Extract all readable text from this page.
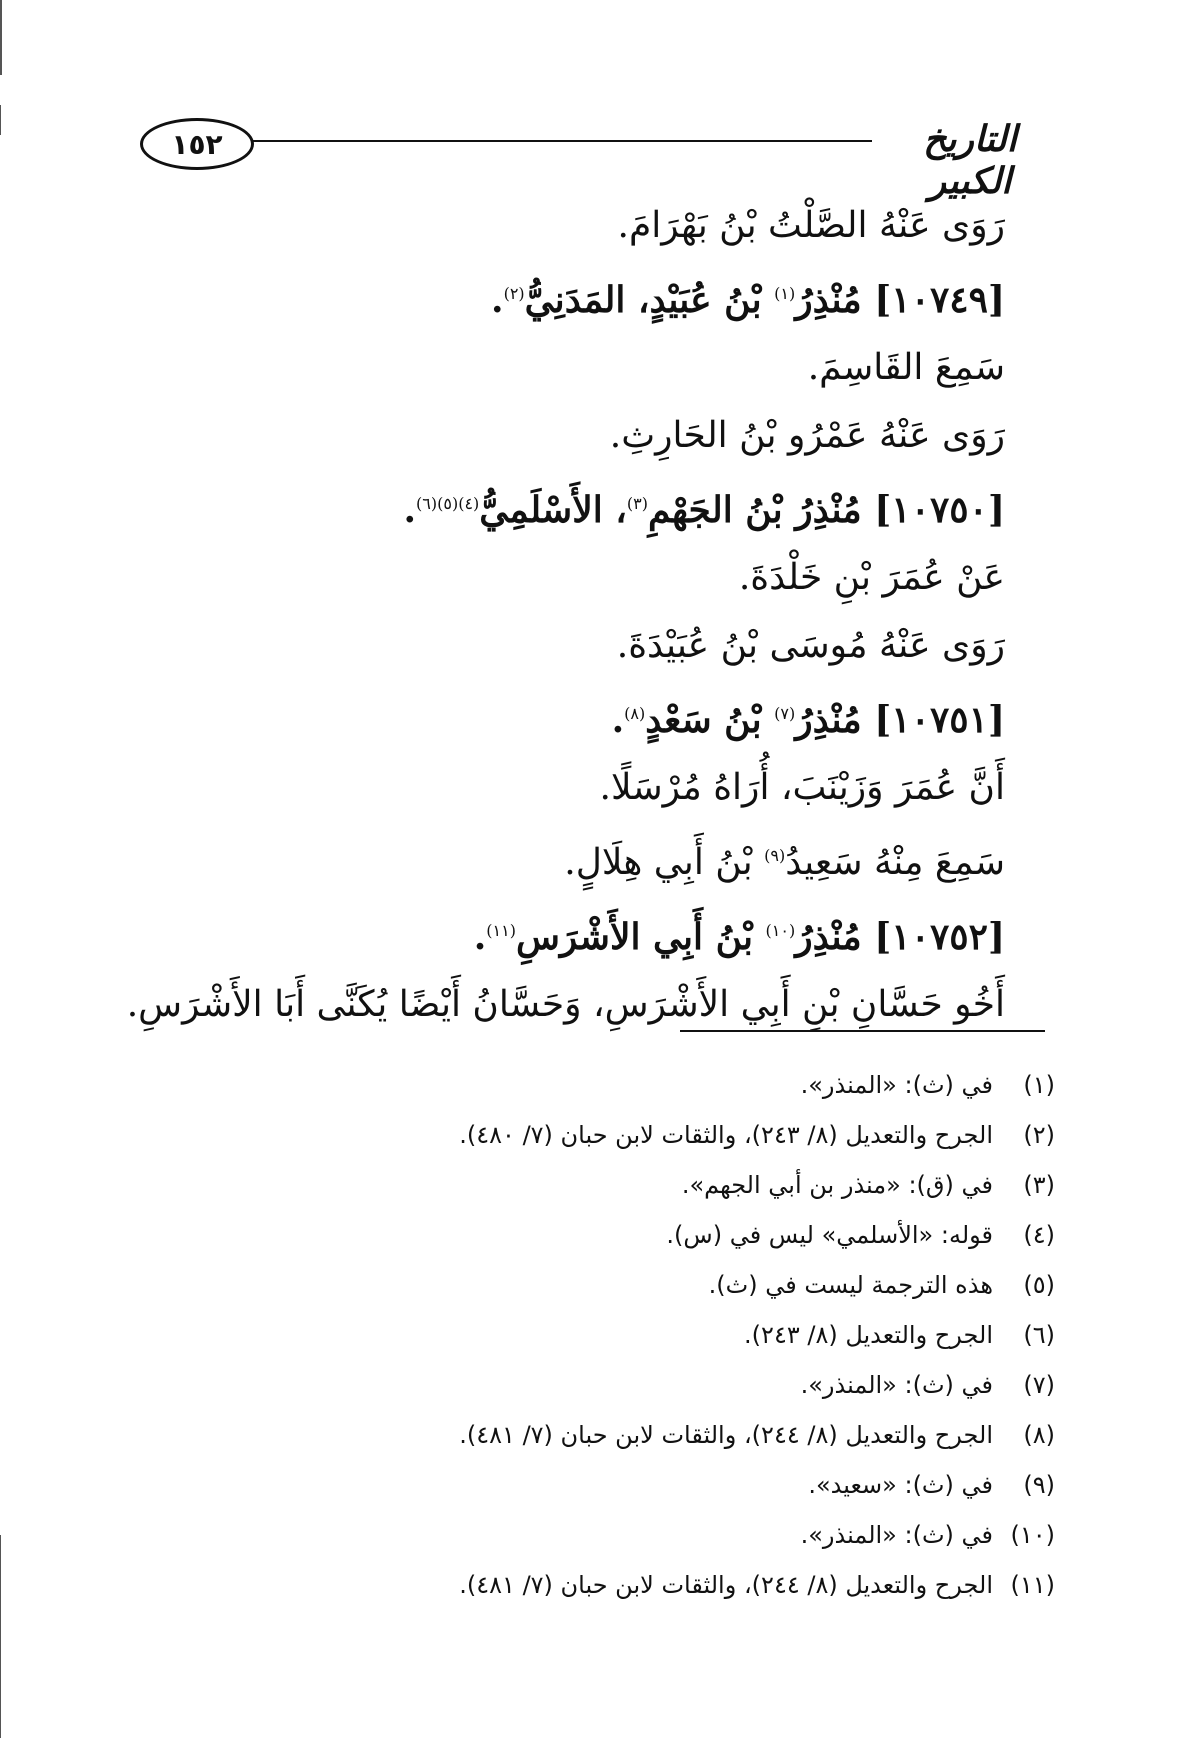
١٥٢	التاريخ الكبير
رَوَى عَنْهُ الصَّلْتُ بْنُ بَهْرَامَ.
[١٠٧٤٩] مُنْذِرُ$^{(١)}$ بْنُ عُبَيْدٍ، المَدَنِيُّ$^{(٢)}$.
سَمِعَ القَاسِمَ.
رَوَى عَنْهُ عَمْرُو بْنُ الحَارِثِ.
[١٠٧٥٠] مُنْذِرُ بْنُ الجَهْمِ$^{(٣)}$، الأَسْلَمِيُّ$^{(٤)(٥)(٦)}$.
عَنْ عُمَرَ بْنِ خَلْدَةَ.
رَوَى عَنْهُ مُوسَى بْنُ عُبَيْدَةَ.
[١٠٧٥١] مُنْذِرُ$^{(٧)}$ بْنُ سَعْدٍ$^{(٨)}$.
أَنَّ عُمَرَ وَزَيْنَبَ، أُرَاهُ مُرْسَلًا.
سَمِعَ مِنْهُ سَعِيدُ$^{(٩)}$ بْنُ أَبِي هِلَالٍ.
[١٠٧٥٢] مُنْذِرُ$^{(١٠)}$ بْنُ أَبِي الأَشْرَسِ$^{(١١)}$.
أَخُو حَسَّانِ بْنِ أَبِي الأَشْرَسِ، وَحَسَّانُ أَيْضًا يُكَنَّى أَبَا الأَشْرَسِ.
(١)في (ث): «المنذر».
(٢)الجرح والتعديل (٨/ ٢٤٣)، والثقات لابن حبان (٧/ ٤٨٠).
(٣)في (ق): «منذر بن أبي الجهم».
(٤)قوله: «الأسلمي» ليس في (س).
(٥)هذه الترجمة ليست في (ث).
(٦)الجرح والتعديل (٨/ ٢٤٣).
(٧)في (ث): «المنذر».
(٨)الجرح والتعديل (٨/ ٢٤٤)، والثقات لابن حبان (٧/ ٤٨١).
(٩)في (ث): «سعيد».
(١٠)في (ث): «المنذر».
(١١)الجرح والتعديل (٨/ ٢٤٤)، والثقات لابن حبان (٧/ ٤٨١).
